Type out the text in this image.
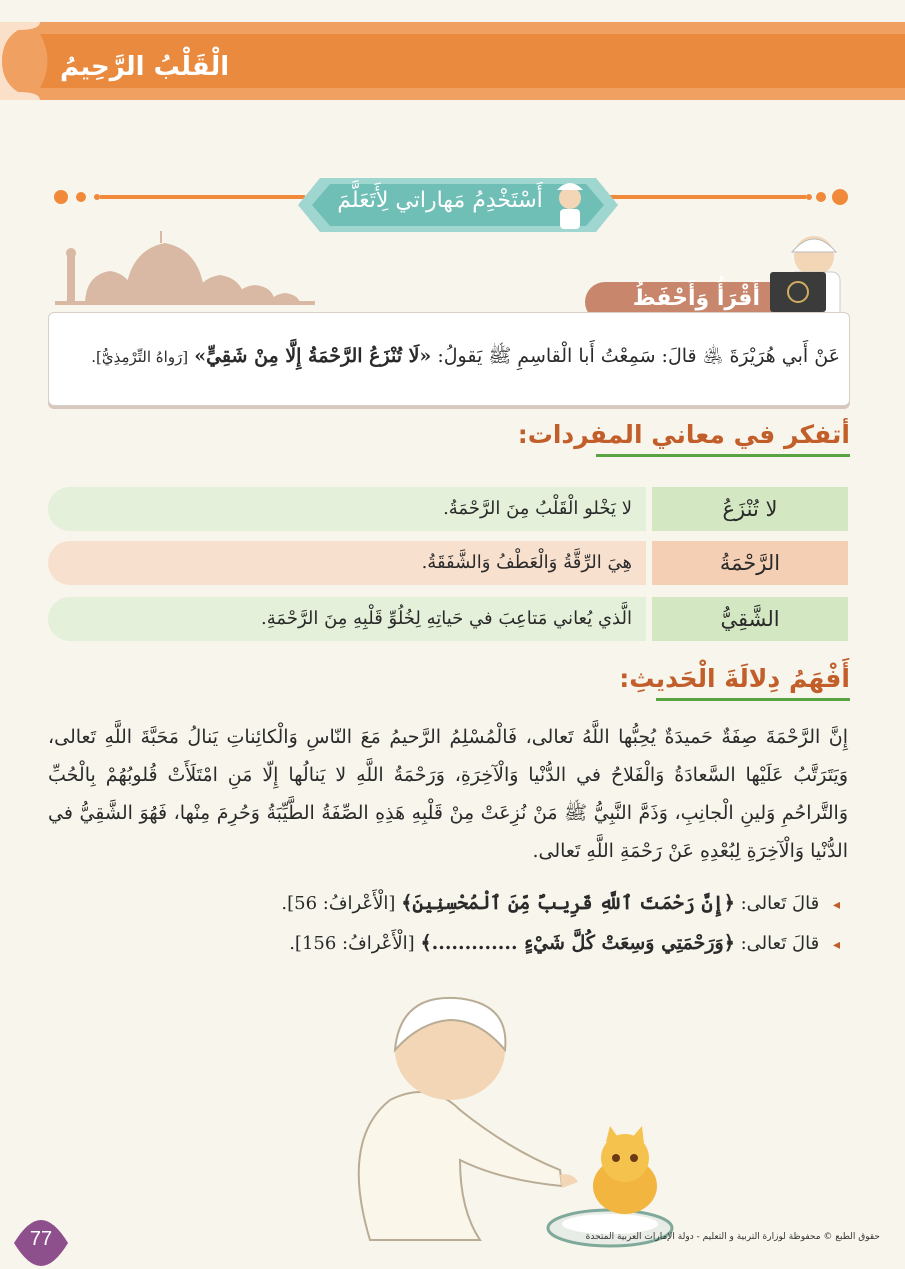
الْقَلْبُ الرَّحِيمُ
أَسْتَخْدِمُ مَهاراتي لِأَتَعَلَّمَ
أَقْرَأُ وَأَحْفَظُ
عَنْ أَبي هُرَيْرَةَ ﵁ قالَ: سَمِعْتُ أَبا الْقاسِمِ ﷺ يَقولُ: «لَا تُنْزَعُ الرَّحْمَةُ إِلَّا مِنْ شَقِيٍّ» [رَواهُ التِّرْمِذِيُّ].
أتفكر في معاني المفردات:
لا يَخْلو الْقَلْبُ مِنَ الرَّحْمَةُ.	لا تُنْزَعُ
هِيَ الرِّقَّةُ وَالْعَطْفُ وَالشَّفَقَةُ.	الرَّحْمَةُ
الَّذي يُعاني مَتاعِبَ في حَياتِهِ لِخُلُوِّ قَلْبِهِ مِنَ الرَّحْمَةِ.	الشَّقِيُّ
أَفْهَمُ دِلالَةَ الْحَديثِ:
إِنَّ الرَّحْمَةَ صِفَةٌ حَميدَةٌ يُحِبُّها اللَّهُ تَعالى، فَالْمُسْلِمُ الرَّحيمُ مَعَ النّاسِ وَالْكائِناتِ يَنالُ مَحَبَّةَ اللَّهِ تَعالى، وَيَتَرَتَّبُ عَلَيْها السَّعادَةُ وَالْفَلاحُ في الدُّنْيا وَالْآخِرَةِ، وَرَحْمَةُ اللَّهِ لا يَنالُها إِلّا مَنِ امْتَلَأَتْ قُلوبُهُمْ بِالْحُبِّ وَالتَّراحُمِ وَلينِ الْجانِبِ، وَذَمَّ النَّبِيُّ ﷺ مَنْ نُزِعَتْ مِنْ قَلْبِهِ هَذِهِ الصِّفَةُ الطَّيِّبَةُ وَحُرِمَ مِنْها، فَهُوَ الشَّقِيُّ في الدُّنْيا وَالْآخِرَةِ لِبُعْدِهِ عَنْ رَحْمَةِ اللَّهِ تَعالى.
◂ قالَ تَعالى: ﴿إِنَّ رَحْمَتَ ٱللَّهِ قَرِيبٌ مِّنَ ٱلْمُحْسِنِينَ﴾ [الْأَعْرافُ: 56].
◂ قالَ تَعالى: ﴿وَرَحْمَتِي وَسِعَتْ كُلَّ شَيْءٍ .............﴾ [الْأَعْرافُ: 156].
77	حقوق الطبع © محفوظة لوزارة التربية و التعليم - دولة الإمارات العربية المتحدة
